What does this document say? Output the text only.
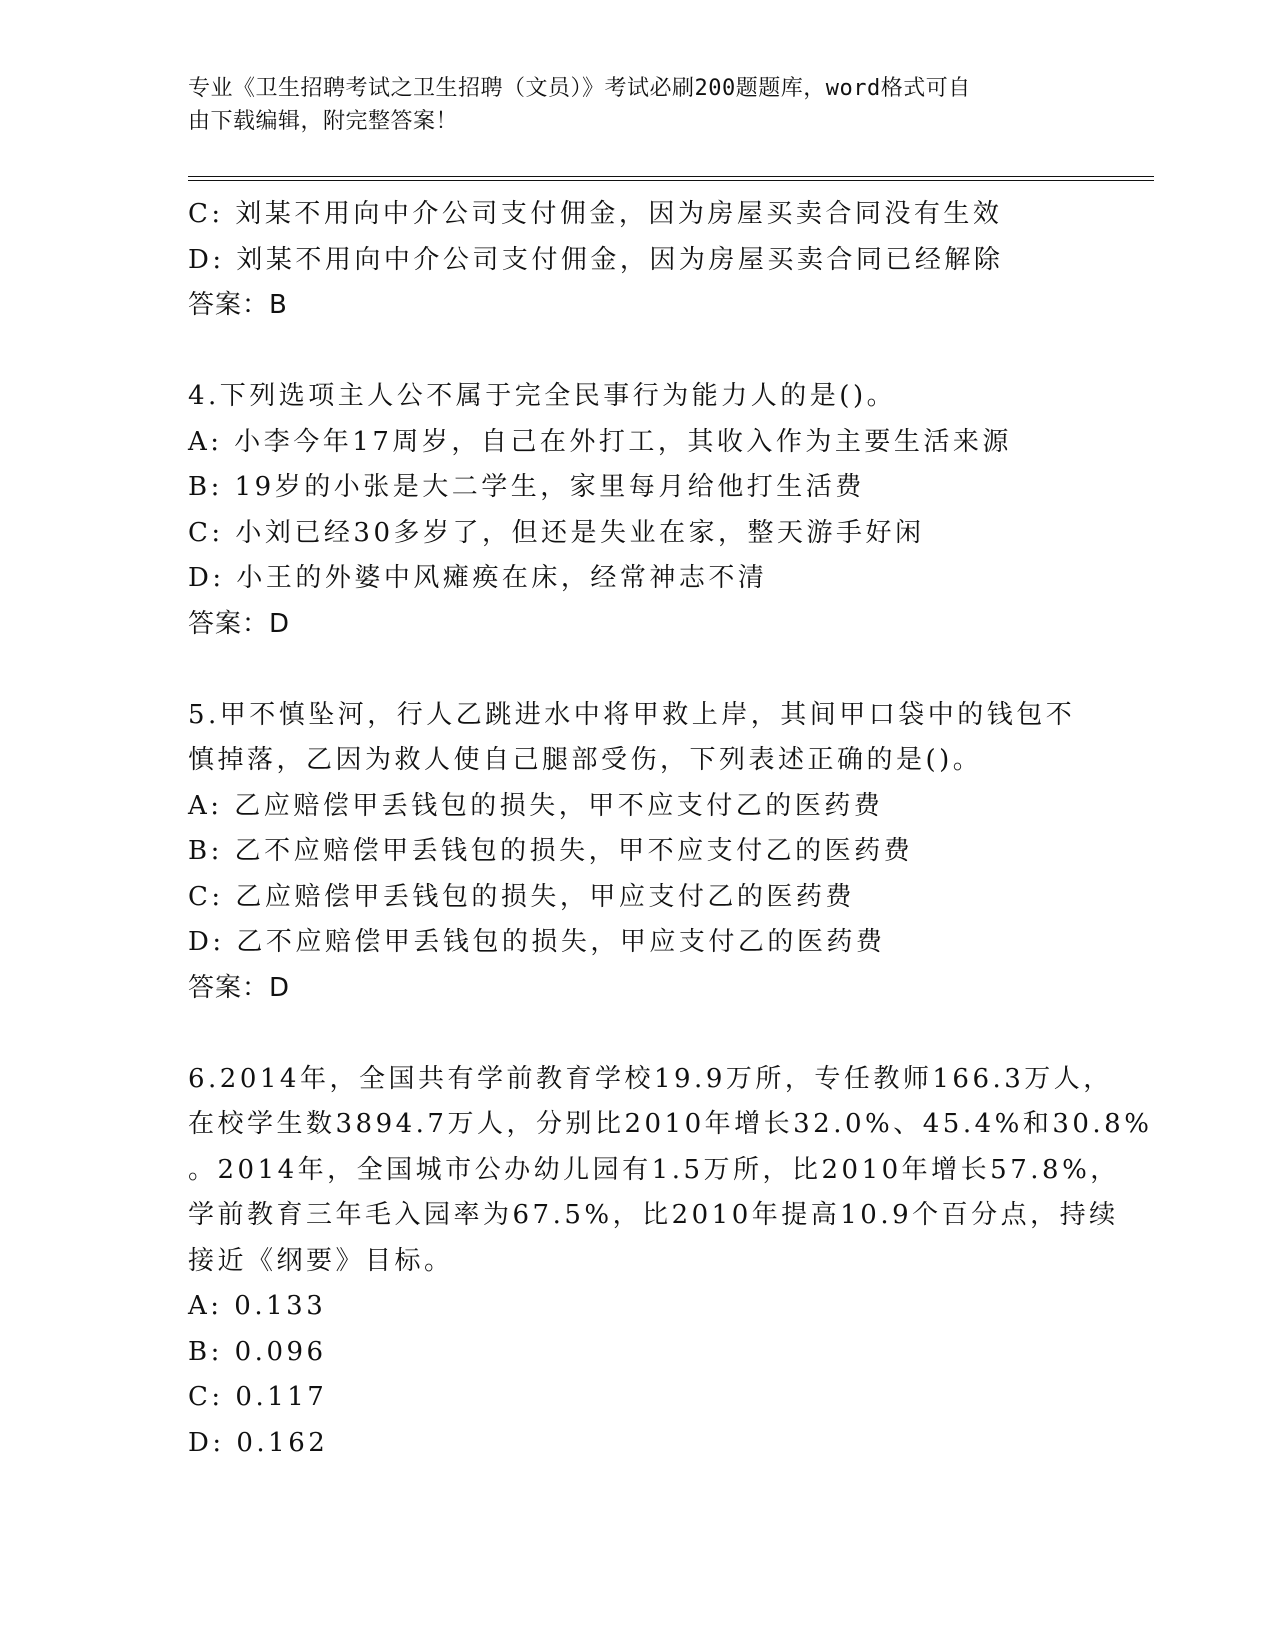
专业《卫生招聘考试之卫生招聘（文员）》考试必刷200题题库，word格式可自
由下载编辑，附完整答案！
C: 刘某不用向中介公司支付佣金，因为房屋买卖合同没有生效
D: 刘某不用向中介公司支付佣金，因为房屋买卖合同已经解除
答案：B
4.下列选项主人公不属于完全民事行为能力人的是()。
A: 小李今年17周岁，自己在外打工，其收入作为主要生活来源
B: 19岁的小张是大二学生，家里每月给他打生活费
C: 小刘已经30多岁了，但还是失业在家，整天游手好闲
D: 小王的外婆中风瘫痪在床，经常神志不清
答案：D
5.甲不慎坠河，行人乙跳进水中将甲救上岸，其间甲口袋中的钱包不
慎掉落，乙因为救人使自己腿部受伤，下列表述正确的是()。
A: 乙应赔偿甲丢钱包的损失，甲不应支付乙的医药费
B: 乙不应赔偿甲丢钱包的损失，甲不应支付乙的医药费
C: 乙应赔偿甲丢钱包的损失，甲应支付乙的医药费
D: 乙不应赔偿甲丢钱包的损失，甲应支付乙的医药费
答案：D
6.2014年，全国共有学前教育学校19.9万所，专任教师166.3万人，
在校学生数3894.7万人，分别比2010年增长32.0%、45.4%和30.8%
。2014年，全国城市公办幼儿园有1.5万所，比2010年增长57.8%，
学前教育三年毛入园率为67.5%，比2010年提高10.9个百分点，持续
接近《纲要》目标。
A: 0.133
B: 0.096
C: 0.117
D: 0.162
